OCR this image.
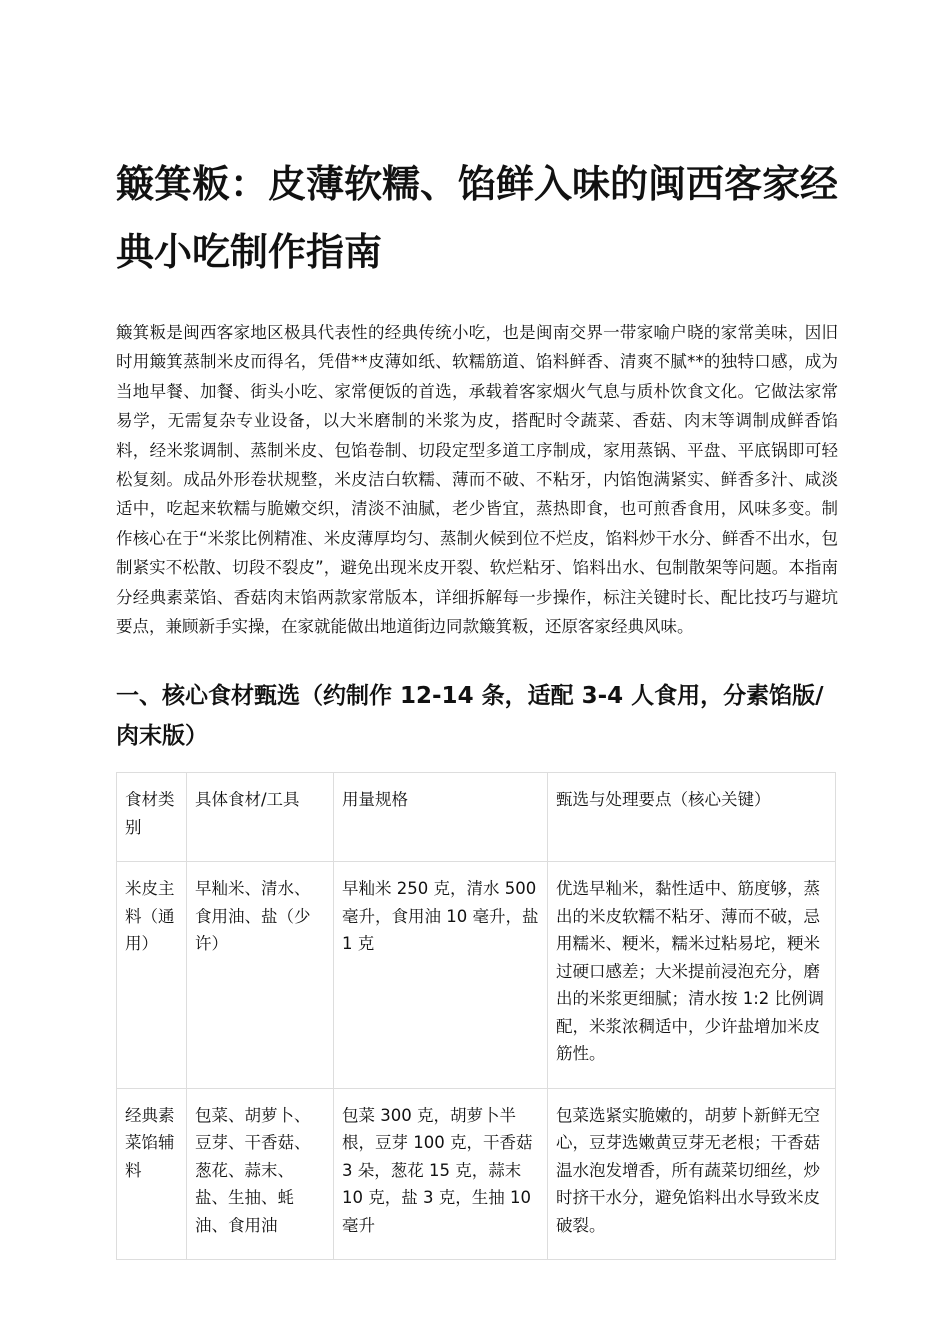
簸箕粄：皮薄软糯、馅鲜入味的闽西客家经典小吃制作指南

簸箕粄是闽西客家地区极具代表性的经典传统小吃，也是闽南交界一带家喻户晓的家常美味，因旧时用簸箕蒸制米皮而得名，凭借**皮薄如纸、软糯筋道、馅料鲜香、清爽不腻**的独特口感，成为当地早餐、加餐、街头小吃、家常便饭的首选，承载着客家烟火气息与质朴饮食文化。它做法家常易学，无需复杂专业设备，以大米磨制的米浆为皮，搭配时令蔬菜、香菇、肉末等调制成鲜香馅料，经米浆调制、蒸制米皮、包馅卷制、切段定型多道工序制成，家用蒸锅、平盘、平底锅即可轻松复刻。成品外形卷状规整，米皮洁白软糯、薄而不破、不粘牙，内馅饱满紧实、鲜香多汁、咸淡适中，吃起来软糯与脆嫩交织，清淡不油腻，老少皆宜，蒸热即食，也可煎香食用，风味多变。制作核心在于“米浆比例精准、米皮薄厚均匀、蒸制火候到位不烂皮，馅料炒干水分、鲜香不出水，包制紧实不松散、切段不裂皮”，避免出现米皮开裂、软烂粘牙、馅料出水、包制散架等问题。本指南分经典素菜馅、香菇肉末馅两款家常版本，详细拆解每一步操作，标注关键时长、配比技巧与避坑要点，兼顾新手实操，在家就能做出地道街边同款簸箕粄，还原客家经典风味。

一、核心食材甄选（约制作 12-14 条，适配 3-4 人食用，分素馅版/肉末版）
食材类别	具体食材/工具	用量规格	甄选与处理要点（核心关键）
米皮主料（通用）	早籼米、清水、食用油、盐（少许）	早籼米 250 克，清水 500 毫升，食用油 10 毫升，盐 1 克	优选早籼米，黏性适中、筋度够，蒸出的米皮软糯不粘牙、薄而不破，忌用糯米、粳米，糯米过粘易坨，粳米过硬口感差；大米提前浸泡充分，磨出的米浆更细腻；清水按 1:2 比例调配，米浆浓稠适中，少许盐增加米皮筋性。
经典素菜馅辅料	包菜、胡萝卜、豆芽、干香菇、葱花、蒜末、盐、生抽、蚝油、食用油	包菜 300 克，胡萝卜半根，豆芽 100 克，干香菇 3 朵，葱花 15 克，蒜末 10 克，盐 3 克，生抽 10 毫升	包菜选紧实脆嫩的，胡萝卜新鲜无空心，豆芽选嫩黄豆芽无老根；干香菇温水泡发增香，所有蔬菜切细丝，炒时挤干水分，避免馅料出水导致米皮破裂。
